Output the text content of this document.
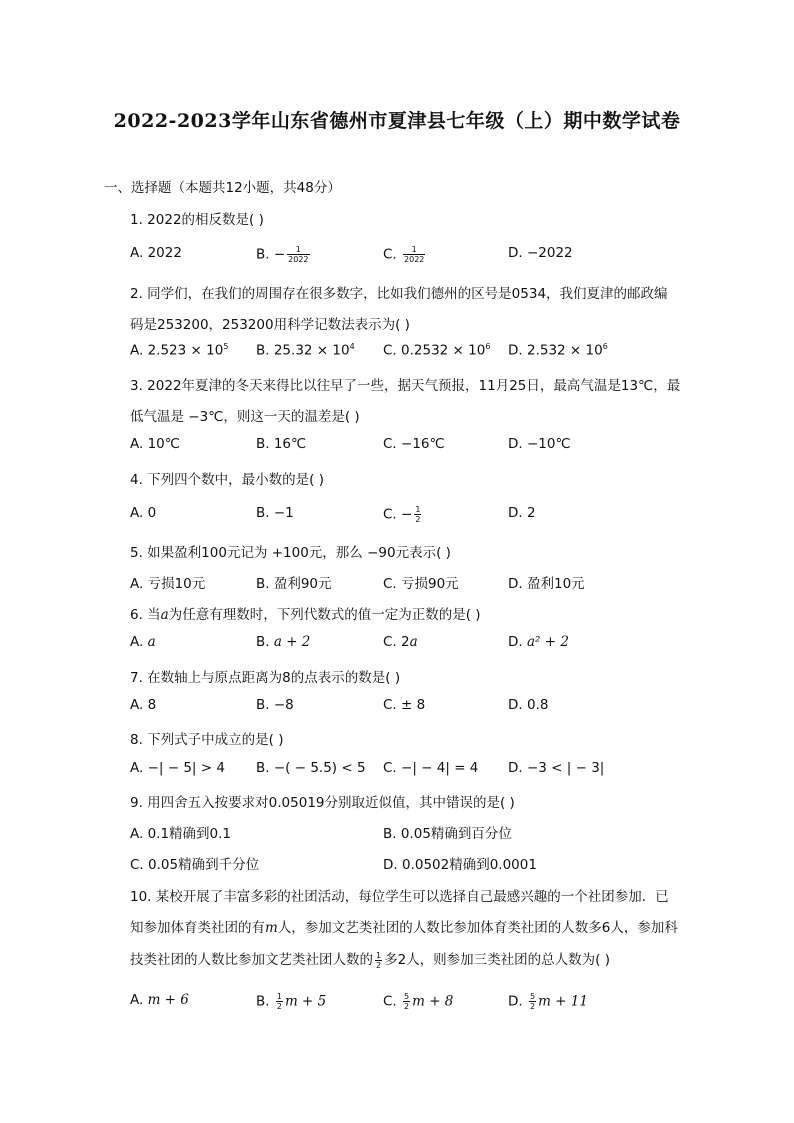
2022-2023学年山东省德州市夏津县七年级（上）期中数学试卷
一、选择题（本题共12小题，共48分）
1. 2022的相反数是( )
A. 2022	B. − $\frac{1}{2022}$	C. $\frac{1}{2022}$	D. −2022
2. 同学们，在我们的周围存在很多数字，比如我们德州的区号是0534，我们夏津的邮政编
码是253200，253200用科学记数法表示为( )
A. $2.523 \times 10^5$ B. $25.32 \times 10^4$ C. $0.2532 \times 10^6$ D. $2.532 \times 10^6$
3. 2022年夏津的冬天来得比以往早了一些，据天气预报，11月25日，最高气温是13℃，最
低气温是 −3℃，则这一天的温差是( )
A. 10℃	B. 16℃	C. −16℃	D. −10℃
4. 下列四个数中，最小数的是( )
A. 0	B. −1	C. − $\frac{1}{2}$	D. 2
5. 如果盈利100元记为 +100元，那么 −90元表示( )
A. 亏损10元	B. 盈利90元	C. 亏损90元	D. 盈利10元
6. 当a为任意有理数时，下列代数式的值一定为正数的是( )
A. a	B. a + 2	C. 2a	D. a² + 2
7. 在数轴上与原点距离为8的点表示的数是( )
A. 8	B. −8	C. ± 8	D. 0.8
8. 下列式子中成立的是( )
A. −| − 5| > 4 B. −( − 5.5) < 5 C. −| − 4| = 4 D. −3 < | − 3|
9. 用四舍五入按要求对0.05019分别取近似值，其中错误的是( )
A. 0.1精确到0.1	B. 0.05精确到百分位
C. 0.05精确到千分位	D. 0.0502精确到0.0001
10. 某校开展了丰富多彩的社团活动，每位学生可以选择自己最感兴趣的一个社团参加．已
知参加体育类社团的有m人，参加文艺类社团的人数比参加体育类社团的人数多6人，参加科
技类社团的人数比参加文艺类社团人数的 $\frac{1}{2}$ 多2人，则参加三类社团的总人数为( )
A. m + 6	B. $\frac{1}{2}$ m + 5	C. $\frac{5}{2}$ m + 8	D. $\frac{5}{2}$ m + 11
